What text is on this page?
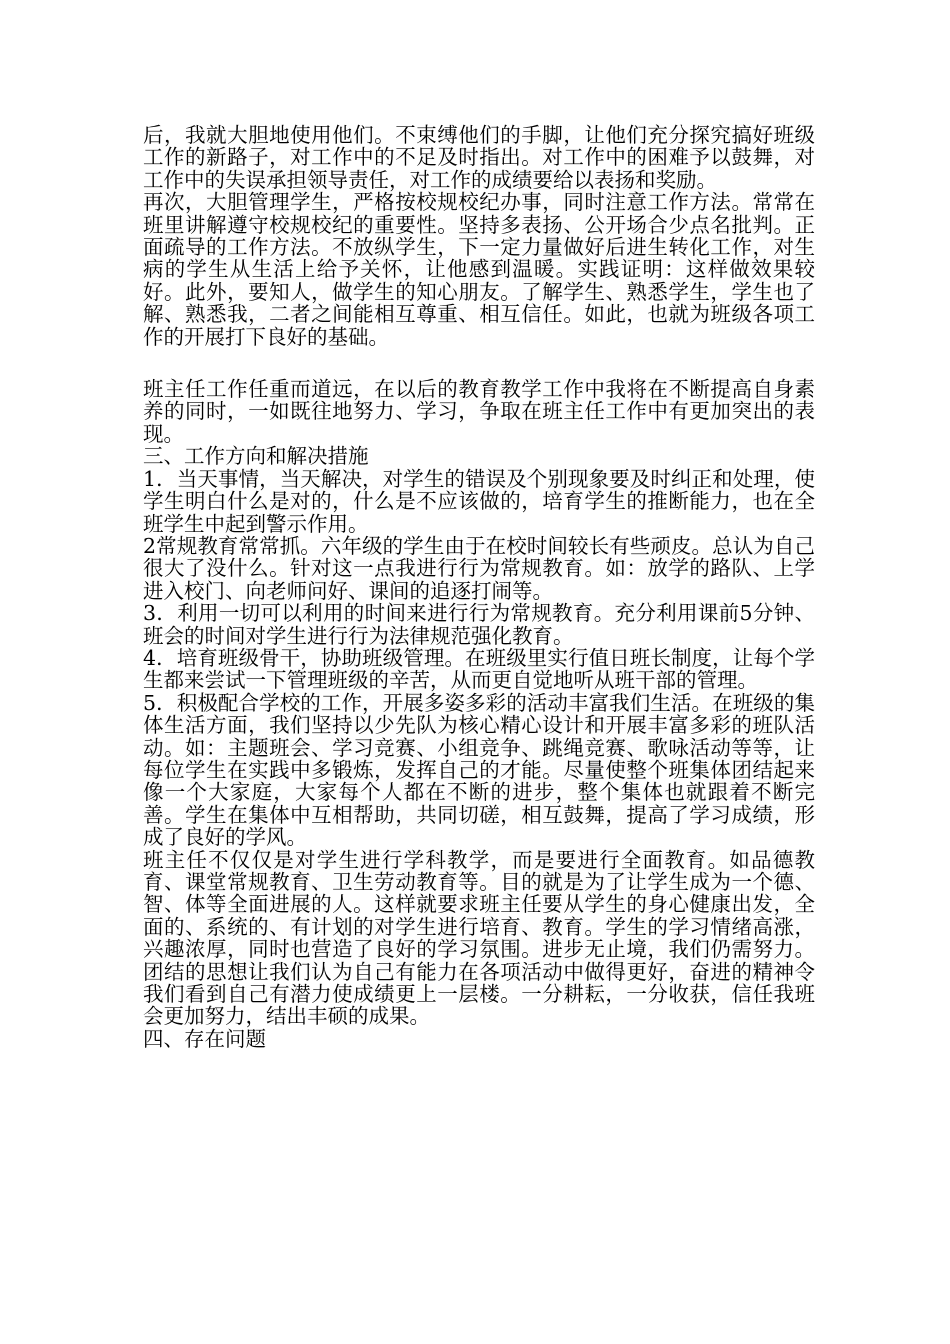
后，我就大胆地使用他们。不束缚他们的手脚，让他们充分探究搞好班级工作的新路子，对工作中的不足及时指出。对工作中的困难予以鼓舞，对工作中的失误承担领导责任，对工作的成绩要给以表扬和奖励。

再次，大胆管理学生，严格按校规校纪办事，同时注意工作方法。常常在班里讲解遵守校规校纪的重要性。坚持多表扬、公开场合少点名批判。正面疏导的工作方法。不放纵学生，下一定力量做好后进生转化工作，对生病的学生从生活上给予关怀，让他感到温暖。实践证明：这样做效果较好。此外，要知人，做学生的知心朋友。了解学生、熟悉学生，学生也了解、熟悉我，二者之间能相互尊重、相互信任。如此，也就为班级各项工作的开展打下良好的基础。

班主任工作任重而道远，在以后的教育教学工作中我将在不断提高自身素养的同时，一如既往地努力、学习，争取在班主任工作中有更加突出的表现。

三、工作方向和解决措施

1．当天事情，当天解决，对学生的错误及个别现象要及时纠正和处理，使学生明白什么是对的，什么是不应该做的，培育学生的推断能力，也在全班学生中起到警示作用。

2常规教育常常抓。六年级的学生由于在校时间较长有些顽皮。总认为自己很大了没什么。针对这一点我进行行为常规教育。如：放学的路队、上学进入校门、向老师问好、课间的追逐打闹等。

3．利用一切可以利用的时间来进行行为常规教育。充分利用课前5分钟、班会的时间对学生进行行为法律规范强化教育。

4．培育班级骨干，协助班级管理。在班级里实行值日班长制度，让每个学生都来尝试一下管理班级的辛苦，从而更自觉地听从班干部的管理。

5．积极配合学校的工作，开展多姿多彩的活动丰富我们生活。在班级的集体生活方面，我们坚持以少先队为核心精心设计和开展丰富多彩的班队活动。如：主题班会、学习竞赛、小组竞争、跳绳竞赛、歌咏活动等等，让每位学生在实践中多锻炼，发挥自己的才能。尽量使整个班集体团结起来像一个大家庭，大家每个人都在不断的进步，整个集体也就跟着不断完善。学生在集体中互相帮助，共同切磋，相互鼓舞，提高了学习成绩，形成了良好的学风。

班主任不仅仅是对学生进行学科教学，而是要进行全面教育。如品德教育、课堂常规教育、卫生劳动教育等。目的就是为了让学生成为一个德、智、体等全面进展的人。这样就要求班主任要从学生的身心健康出发，全面的、系统的、有计划的对学生进行培育、教育。学生的学习情绪高涨，兴趣浓厚，同时也营造了良好的学习氛围。进步无止境，我们仍需努力。团结的思想让我们认为自己有能力在各项活动中做得更好，奋进的精神令我们看到自己有潜力使成绩更上一层楼。一分耕耘，一分收获，信任我班会更加努力，结出丰硕的成果。

四、存在问题
